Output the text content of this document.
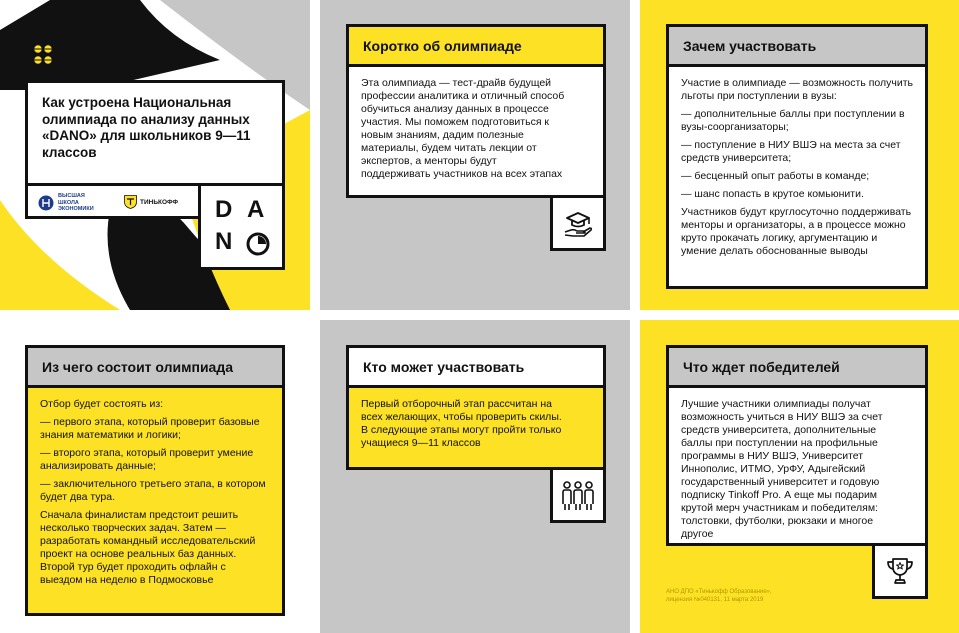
Как устроена Национальная олимпиада по анализу данных «DANO» для школьников 9—11 классов
ВЫСШАЯ ШКОЛА ЭКОНОМИКИ
ТИНЬКОФФ D A
N
Коротко об олимпиаде

Эта олимпиада — тест-драйв будущей профессии аналитика и отличный способ обучиться анализу данных в процессе участия. Мы поможем подготовиться к новым знаниям, дадим полезные материалы, будем читать лекции от экспертов, а менторы будут поддерживать участников на всех этапах

Зачем участвовать

Участие в олимпиаде — возможность получить льготы при поступлении в вузы:

— дополнительные баллы при поступлении в вузы-соорганизаторы;

— поступление в НИУ ВШЭ на места за счет средств университета;

— бесценный опыт работы в команде;

— шанс попасть в крутое комьюнити.

Участников будут круглосуточно поддерживать менторы и организаторы, а в процессе можно круто прокачать логику, аргументацию и умение делать обоснованные выводы

Из чего состоит олимпиада

Отбор будет состоять из:

— первого этапа, который проверит базовые знания математики и логики;

— второго этапа, который проверит умение анализировать данные;

— заключительного третьего этапа, в котором будет два тура.

Сначала финалистам предстоит решить несколько творческих задач. Затем — разработать командный исследовательский проект на основе реальных баз данных. Второй тур будет проходить офлайн с выездом на неделю в Подмосковье

Кто может участвовать

Первый отборочный этап рассчитан на всех желающих, чтобы проверить скилы. В следующие этапы могут пройти только учащиеся 9—11 классов

Что ждет победителей

Лучшие участники олимпиады получат возможность учиться в НИУ ВШЭ за счет средств университета, дополнительные баллы при поступлении на профильные программы в НИУ ВШЭ, Университет Иннополис, ИТМО, УрФУ, Адыгейский государственный университет и годовую подписку Tinkoff Pro. А еще мы подарим крутой мерч участникам и победителям: толстовки, футболки, рюкзаки и многое другое

АНО ДПО «Тинькофф Образование»,
лицензия №040131, 11 марта 2019
